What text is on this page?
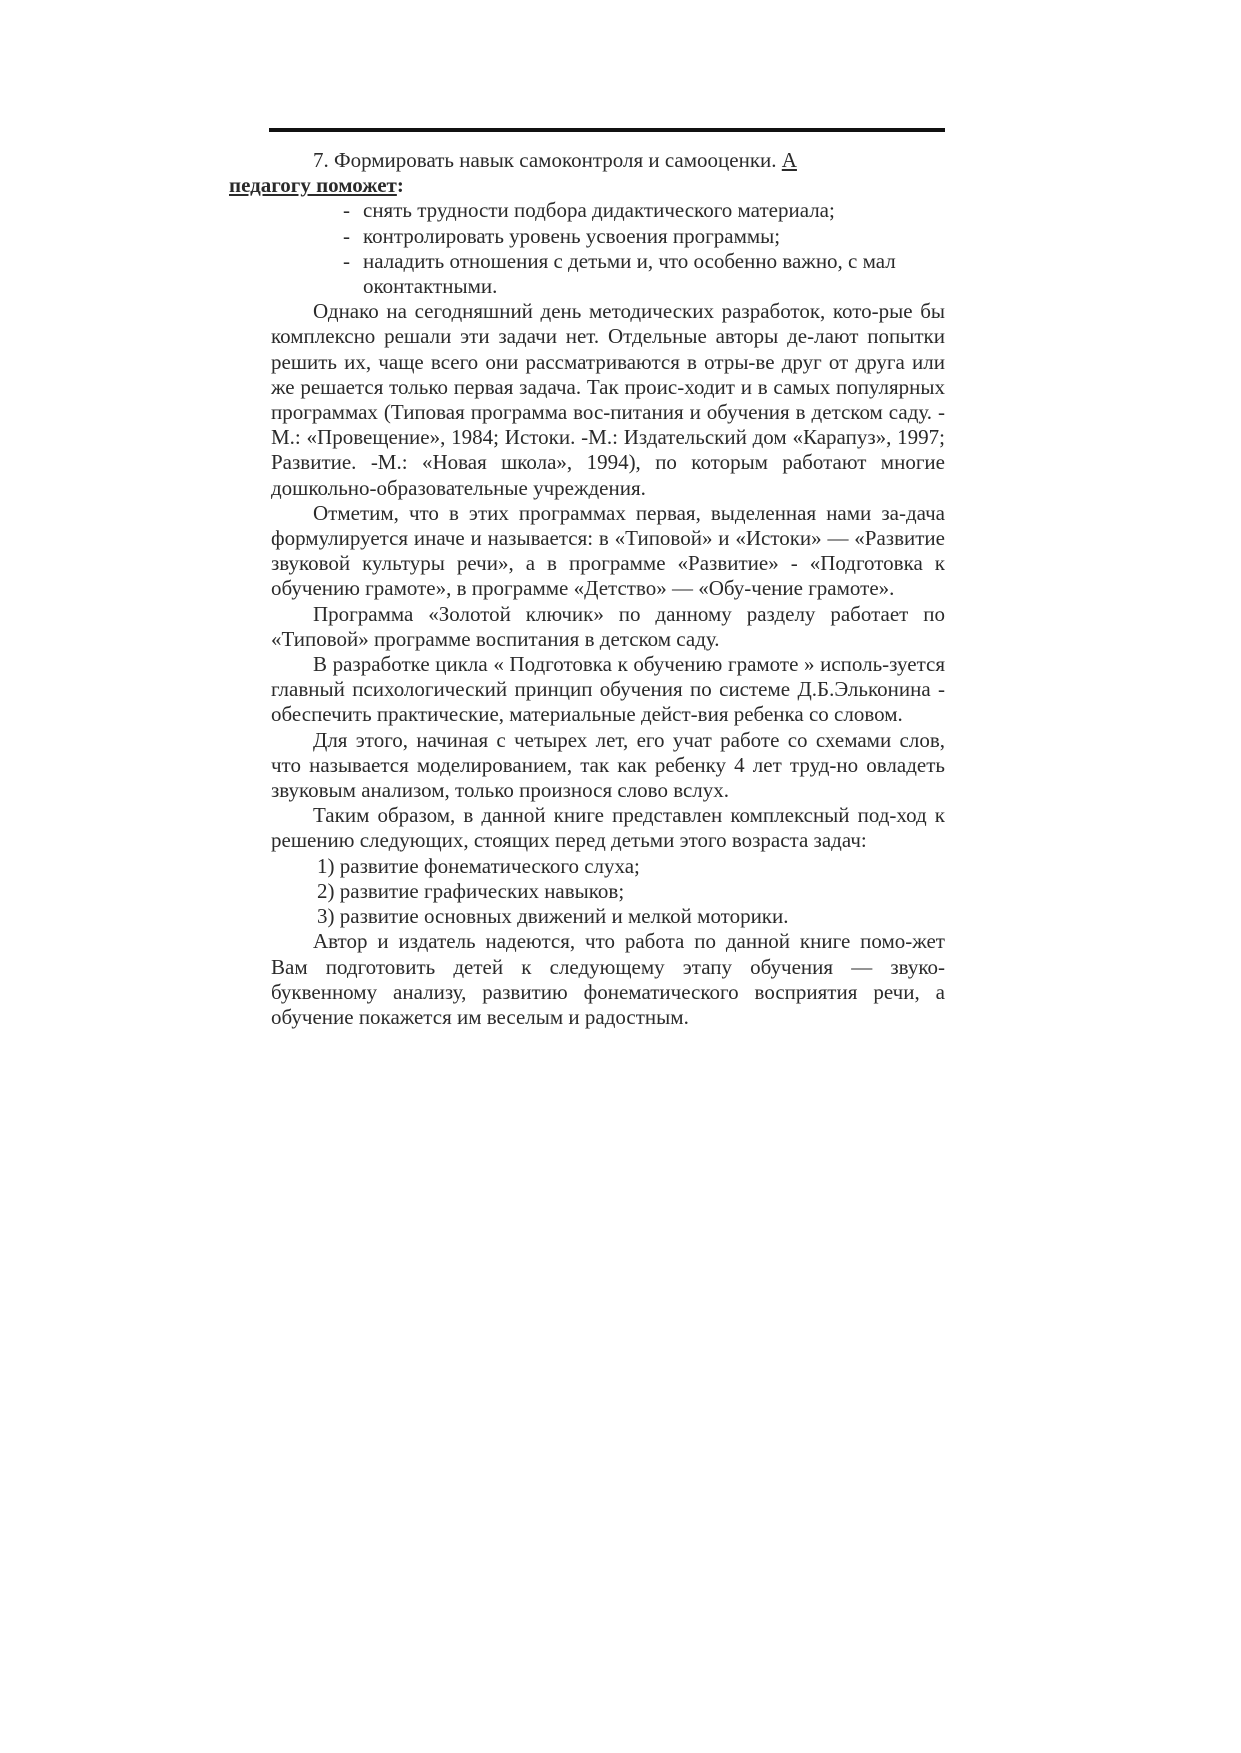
7. Формировать навык самоконтроля и самооценки. А
педагогу поможет:

- снять трудности подбора дидактического материала;
- контролировать уровень усвоения программы;
- наладить отношения с детьми и, что особенно важно, с мал оконтактными.

Однако на сегодняшний день методических разработок, кото-рые бы комплексно решали эти задачи нет. Отдельные авторы де-лают попытки решить их, чаще всего они рассматриваются в отры-ве друг от друга или же решается только первая задача. Так проис-ходит и в самых популярных программах (Типовая программа вос-питания и обучения в детском саду. - М.: «Провещение», 1984; Истоки. -М.: Издательский дом «Карапуз», 1997; Развитие. -М.: «Новая школа», 1994), по которым работают многие дошкольно-образовательные учреждения.

Отметим, что в этих программах первая, выделенная нами за-дача формулируется иначе и называется: в «Типовой» и «Истоки» — «Развитие звуковой культуры речи», а в программе «Развитие» - «Подготовка к обучению грамоте», в программе «Детство» — «Обу-чение грамоте».

Программа «Золотой ключик» по данному разделу работает по «Типовой» программе воспитания в детском саду.

В разработке цикла « Подготовка к обучению грамоте » исполь-зуется главный психологический принцип обучения по системе Д.Б.Эльконина - обеспечить практические, материальные дейст-вия ребенка со словом.

Для этого, начиная с четырех лет, его учат работе со схемами слов, что называется моделированием, так как ребенку 4 лет труд-но овладеть звуковым анализом, только произнося слово вслух.

Таким образом, в данной книге представлен комплексный под-ход к решению следующих, стоящих перед детьми этого возраста задач:

1) развитие фонематического слуха;
2) развитие графических навыков;
3) развитие основных движений и мелкой моторики.

Автор и издатель надеются, что работа по данной книге помо-жет Вам подготовить детей к следующему этапу обучения — звуко-буквенному анализу, развитию фонематического восприятия речи, а обучение покажется им веселым и радостным.
